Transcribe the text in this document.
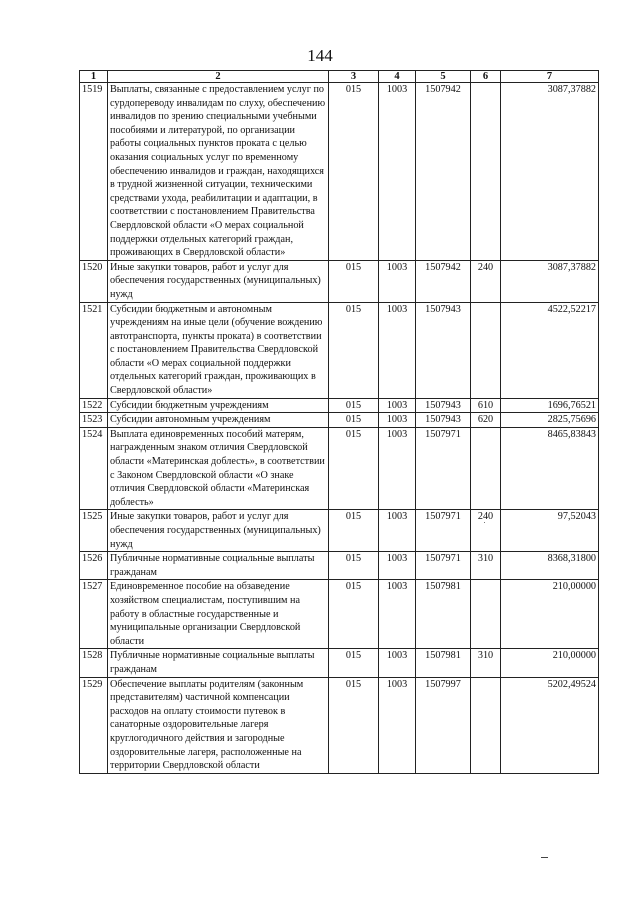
144
1	2	3	4	5	6	7
1519	Выплаты, связанные с предоставлением услуг по сурдопереводу инвалидам по слуху, обеспечению инвалидов по зрению специальными учебными пособиями и литературой, по организации работы социальных пунктов проката с целью оказания социальных услуг по временному обеспечению инвалидов и граждан, находящихся в трудной жизненной ситуации, техническими средствами ухода, реабилитации и адаптации, в соответствии с постановлением Правительства Свердловской области «О мерах социальной поддержки отдельных категорий граждан, проживающих в Свердловской области»	015	1003	1507942		3087,37882
1520	Иные закупки товаров, работ и услуг для обеспечения государственных (муниципальных) нужд	015	1003	1507942	240	3087,37882
1521	Субсидии бюджетным и автономным учреждениям на иные цели (обучение вождению автотранспорта, пункты проката) в соответствии с постановлением Правительства Свердловской области «О мерах социальной поддержки отдельных категорий граждан, проживающих в Свердловской области»	015	1003	1507943		4522,52217
1522	Субсидии бюджетным учреждениям	015	1003	1507943	610	1696,76521
1523	Субсидии автономным учреждениям	015	1003	1507943	620	2825,75696
1524	Выплата единовременных пособий матерям, награжденным знаком отличия Свердловской области «Материнская доблесть», в соответствии с Законом Свердловской области «О знаке отличия Свердловской области «Материнская доблесть»	015	1003	1507971		8465,83843
1525	Иные закупки товаров, работ и услуг для обеспечения государственных (муниципальных) нужд	015	1003	1507971	240	97,52043
1526	Публичные нормативные социальные выплаты гражданам	015	1003	1507971	310	8368,31800
1527	Единовременное пособие на обзаведение хозяйством специалистам, поступившим на работу в областные государственные и муниципальные организации Свердловской области	015	1003	1507981		210,00000
1528	Публичные нормативные социальные выплаты гражданам	015	1003	1507981	310	210,00000
1529	Обеспечение выплаты родителям (законным представителям) частичной компенсации расходов на оплату стоимости путевок в санаторные оздоровительные лагеря круглогодичного действия и загородные оздоровительные лагеря, расположенные на территории Свердловской области	015	1003	1507997		5202,49524
